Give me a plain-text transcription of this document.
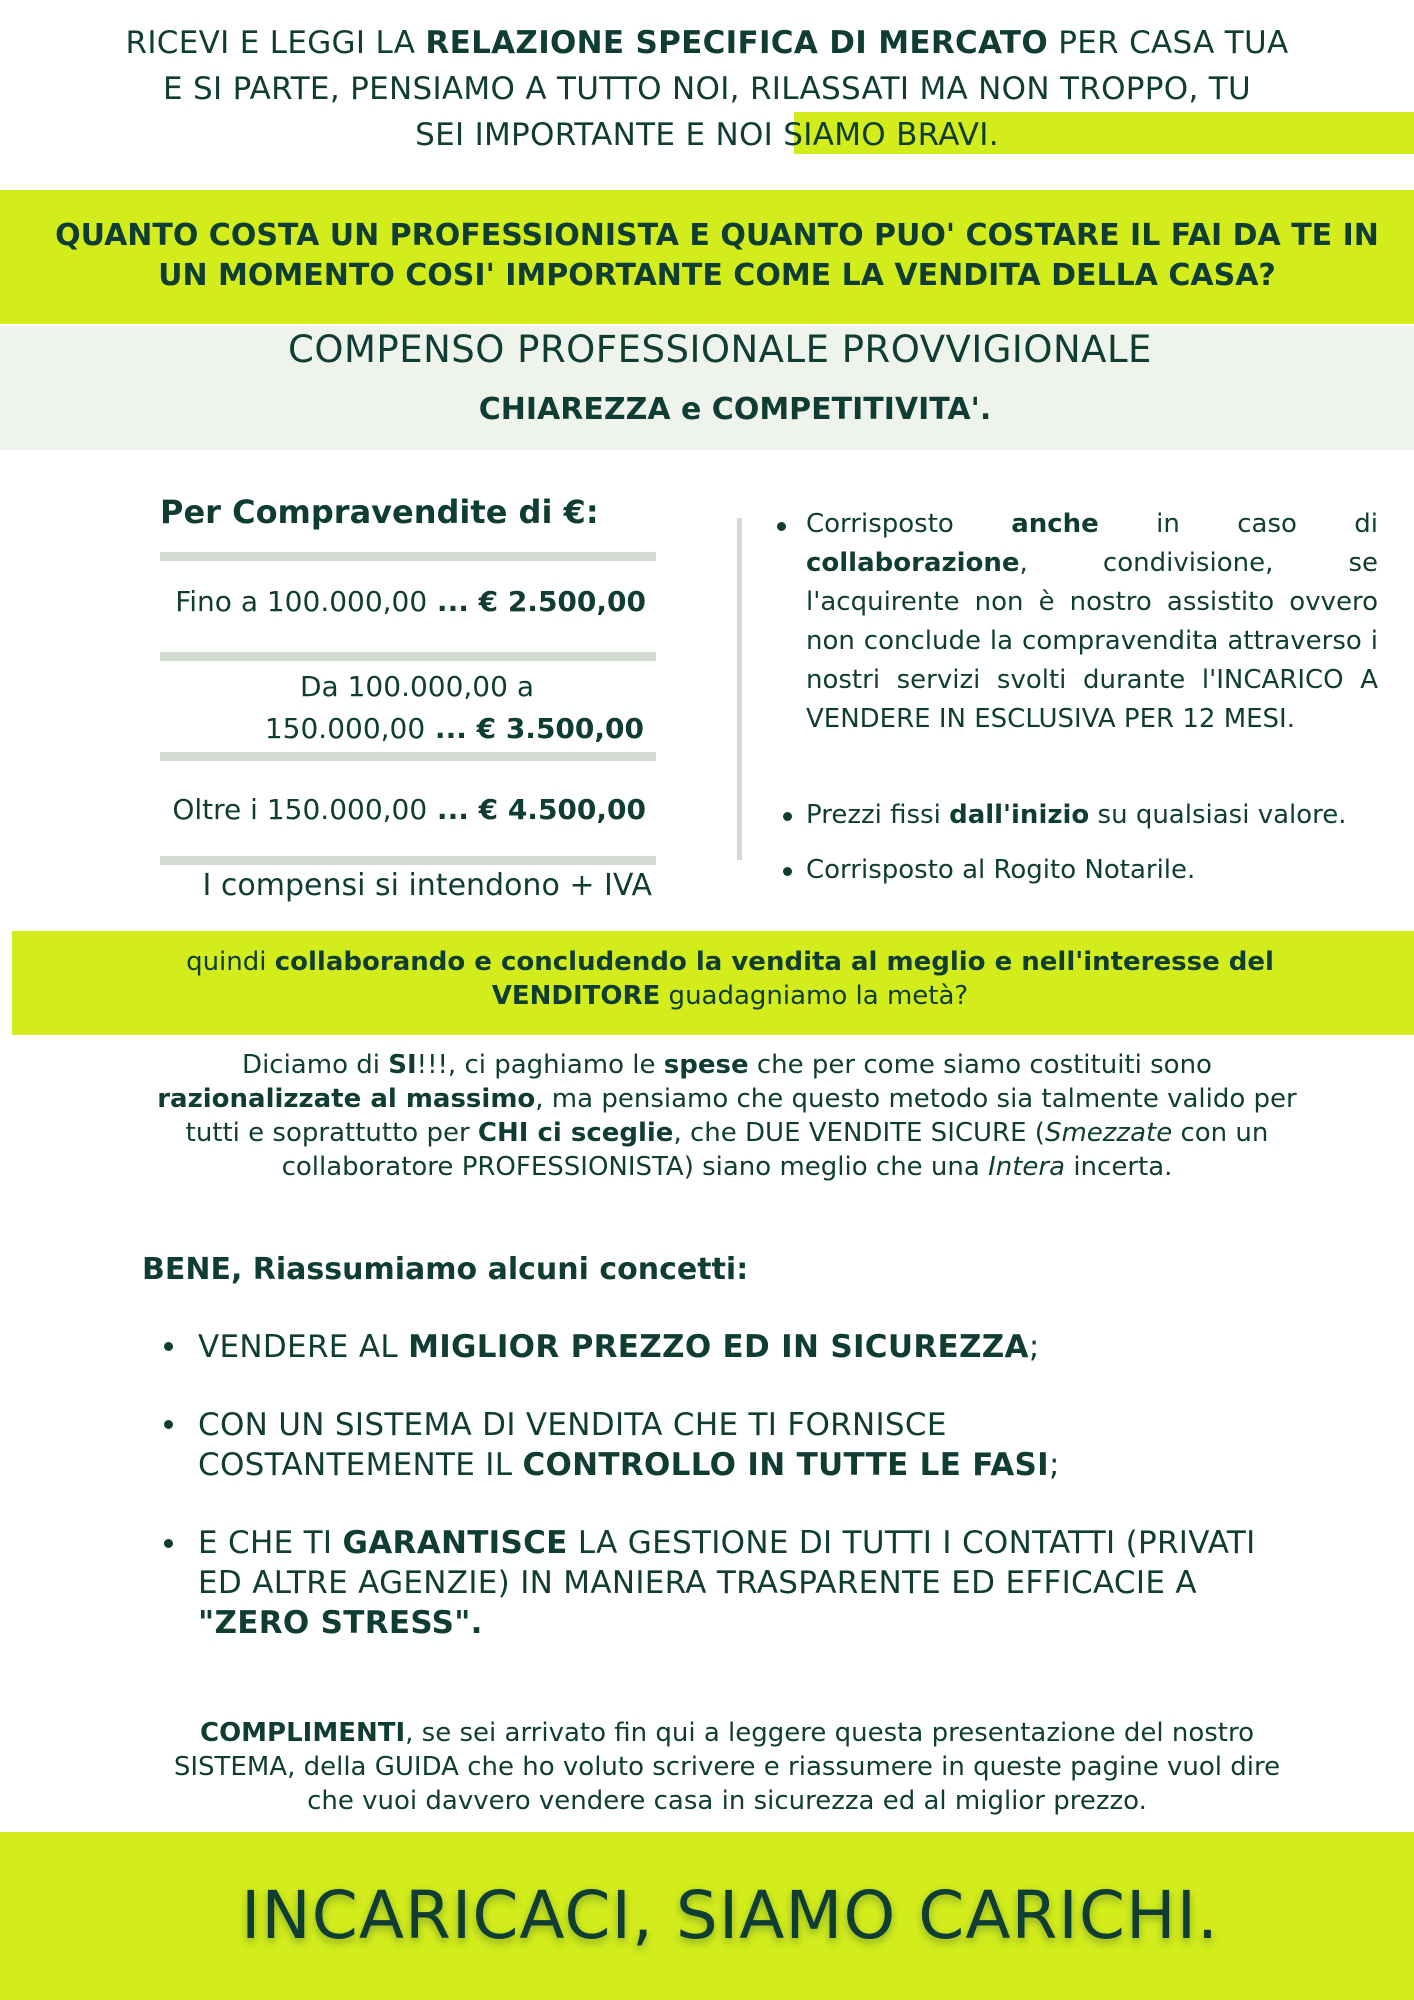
RICEVI E LEGGI LA RELAZIONE SPECIFICA DI MERCATO PER CASA TUA
E SI PARTE, PENSIAMO A TUTTO NOI, RILASSATI MA NON TROPPO, TU
SEI IMPORTANTE E NOI SIAMO BRAVI.
QUANTO COSTA UN PROFESSIONISTA E QUANTO PUO' COSTARE IL FAI DA TE IN
UN MOMENTO COSI' IMPORTANTE COME LA VENDITA DELLA CASA?
COMPENSO PROFESSIONALE PROVVIGIONALE
CHIAREZZA e COMPETITIVITA'.
Per Compravendite di €:
Fino a 100.000,00 ... € 2.500,00
Da 100.000,00 a
150.000,00 ... € 3.500,00
Oltre i 150.000,00 ... € 4.500,00
I compensi si intendono + IVA
Corrisposto anche in caso di collaborazione, condivisione, se l'acquirente non è nostro assistito ovvero non conclude la compravendita attraverso i nostri servizi svolti durante l'INCARICO A VENDERE IN ESCLUSIVA PER 12 MESI.
Prezzi fissi dall'inizio su qualsiasi valore.
Corrisposto al Rogito Notarile.
quindi collaborando e concludendo la vendita al meglio e nell'interesse del
VENDITORE guadagniamo la metà?
Diciamo di SI!!!, ci paghiamo le spese che per come siamo costituiti sono
razionalizzate al massimo, ma pensiamo che questo metodo sia talmente valido per
tutti e soprattutto per CHI ci sceglie, che DUE VENDITE SICURE (Smezzate con un
collaboratore PROFESSIONISTA) siano meglio che una Intera incerta.
BENE, Riassumiamo alcuni concetti:
VENDERE AL MIGLIOR PREZZO ED IN SICUREZZA;
CON UN SISTEMA DI VENDITA CHE TI FORNISCE
COSTANTEMENTE IL CONTROLLO IN TUTTE LE FASI;
E CHE TI GARANTISCE LA GESTIONE DI TUTTI I CONTATTI (PRIVATI
ED ALTRE AGENZIE) IN MANIERA TRASPARENTE ED EFFICACIE A
"ZERO STRESS".
COMPLIMENTI, se sei arrivato fin qui a leggere questa presentazione del nostro
SISTEMA, della GUIDA che ho voluto scrivere e riassumere in queste pagine vuol dire
che vuoi davvero vendere casa in sicurezza ed al miglior prezzo.
INCARICACI, SIAMO CARICHI.
